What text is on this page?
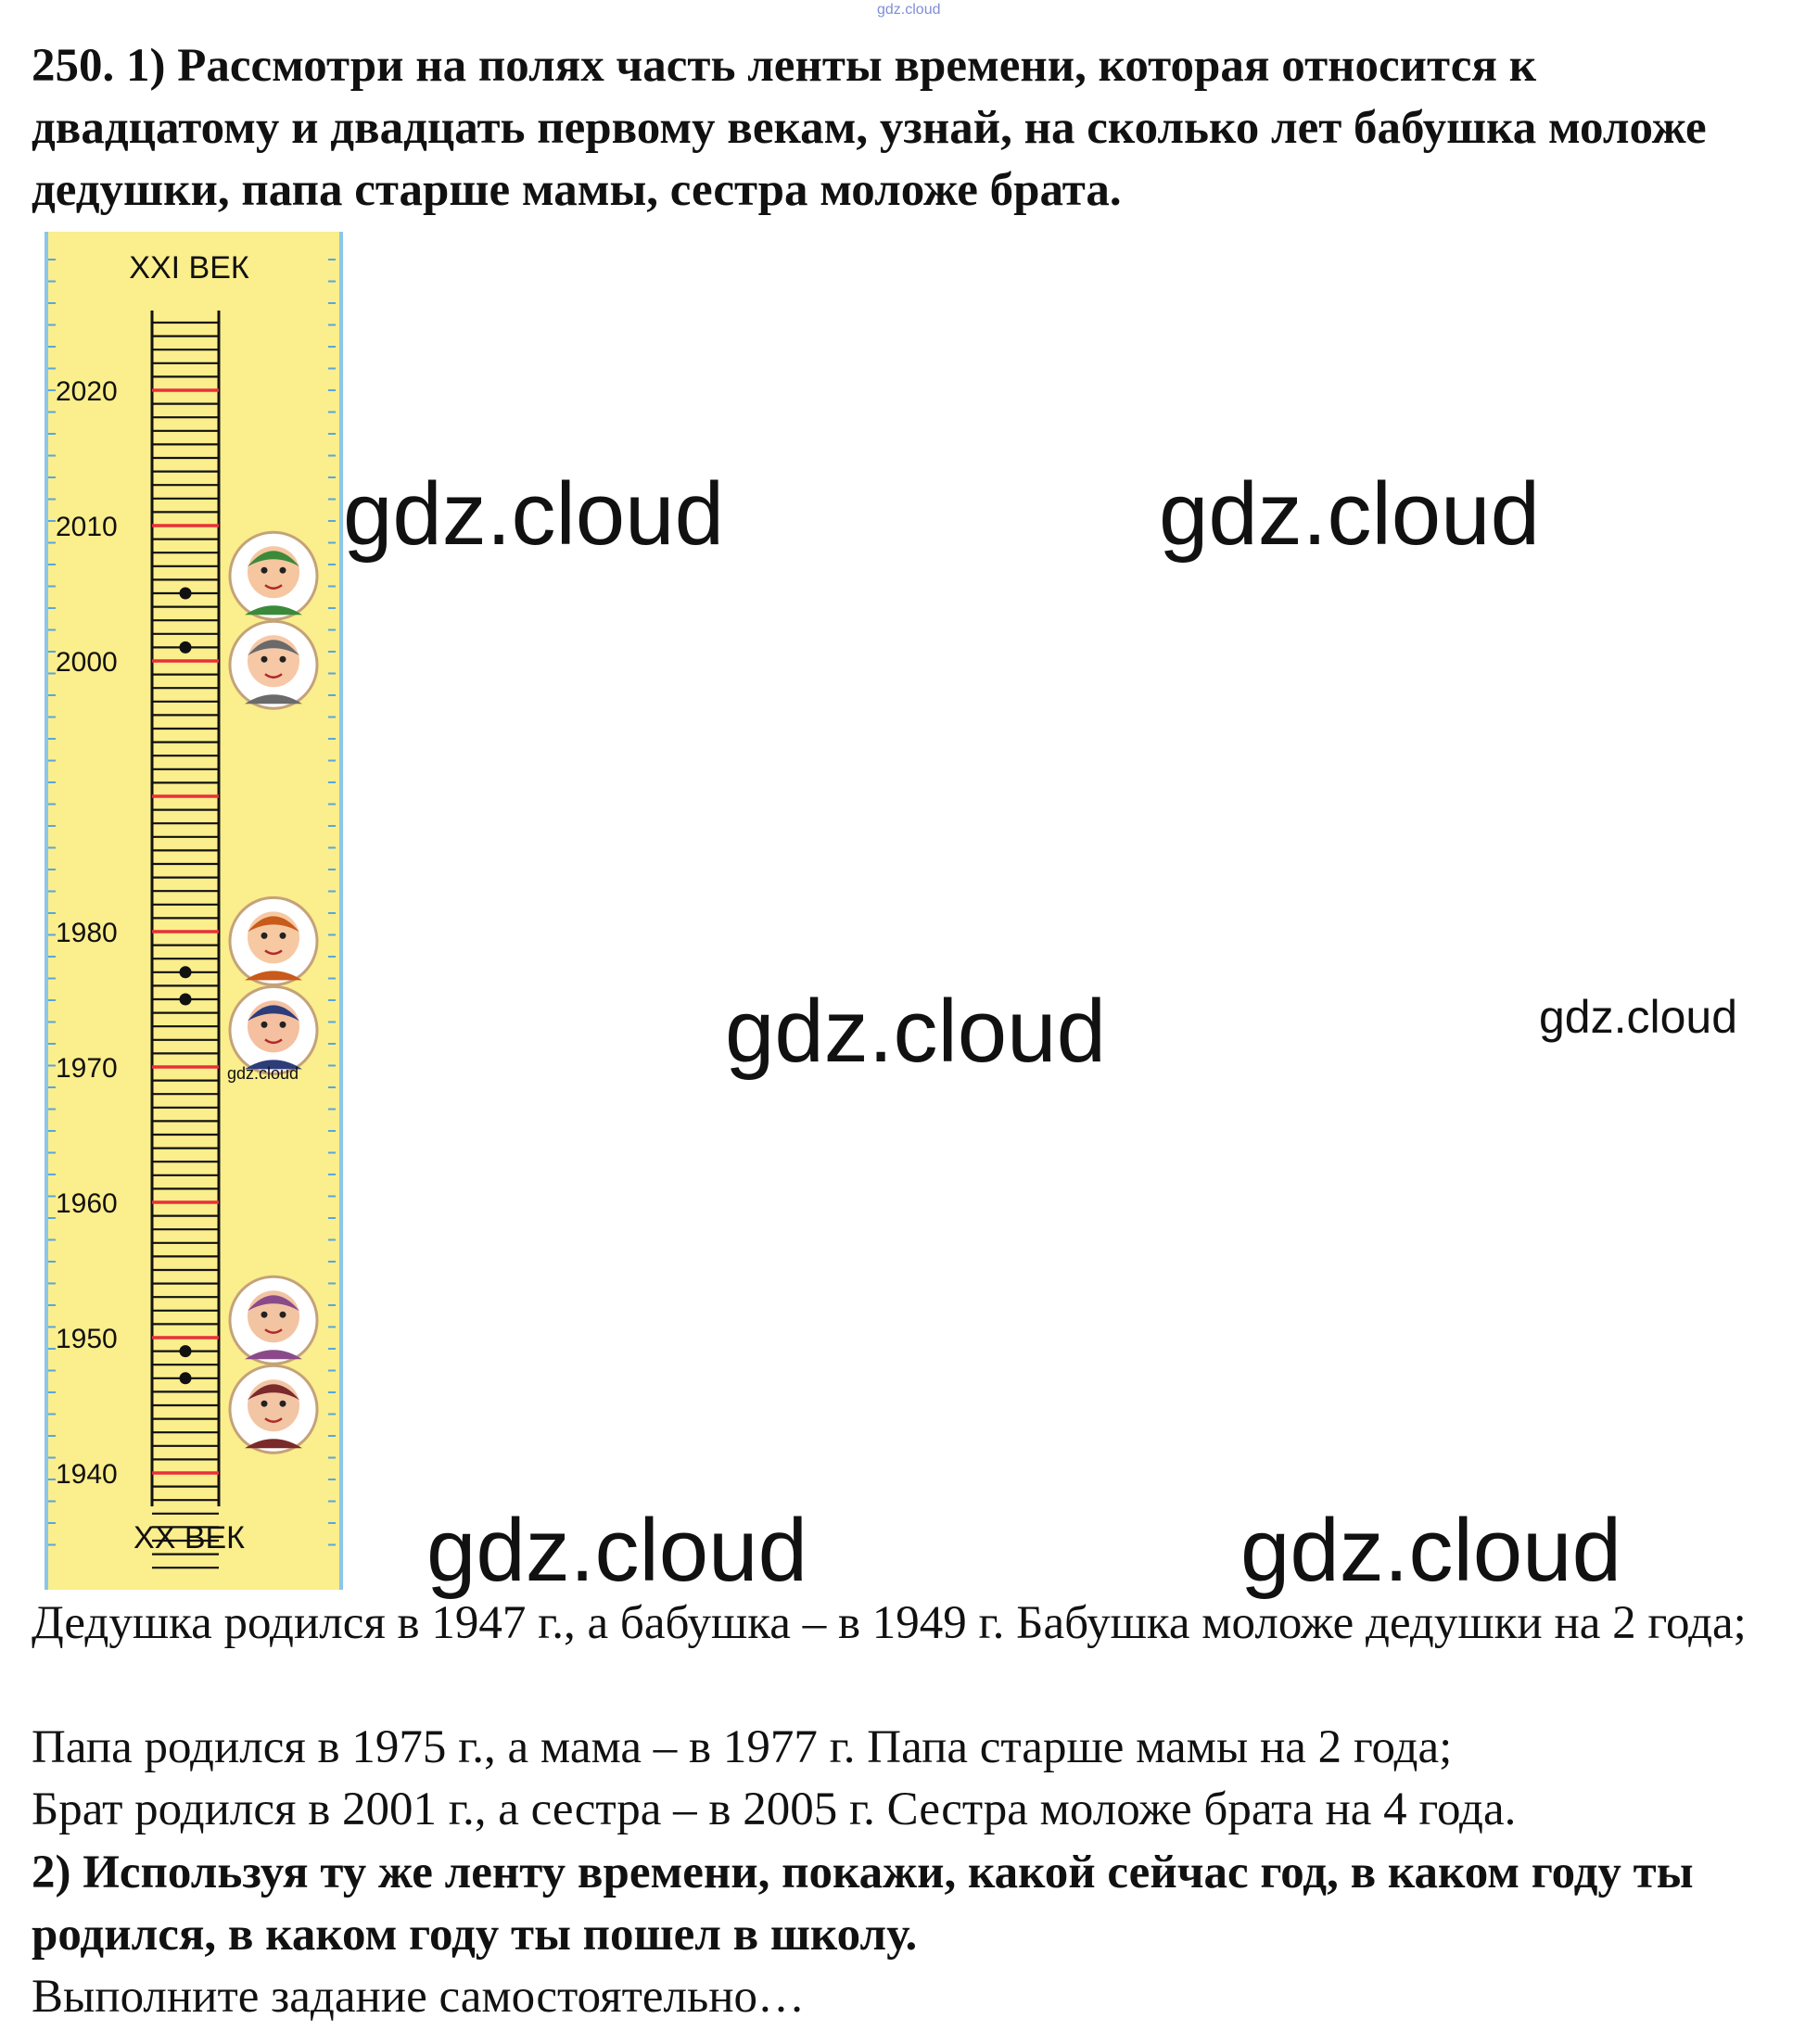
gdz.cloud

250. 1) Рассмотри на полях часть ленты времени, которая относится к двадцатому и двадцать первому векам, узнай, на сколько лет бабушка моложе дедушки, папа старше мамы, сестра моложе брата.

XXI ВЕК
XX ВЕК
2020
2010
2000
1980
1970
1960
1950
1940
gdz.cloud	gdz.cloud
gdz.cloud	gdz.cloud
gdz.cloud
gdz.cloud	gdz.cloud
Дедушка родился в 1947 г., а бабушка – в 1949 г. Бабушка моложе дедушки на 2 года;
Папа родился в 1975 г., а мама – в 1977 г. Папа старше мамы на 2 года;
Брат родился в 2001 г., а сестра – в 2005 г. Сестра моложе брата на 4 года.
2) Используя ту же ленту времени, покажи, какой сейчас год, в каком году ты родился, в каком году ты пошел в школу.
Выполните задание самостоятельно…
